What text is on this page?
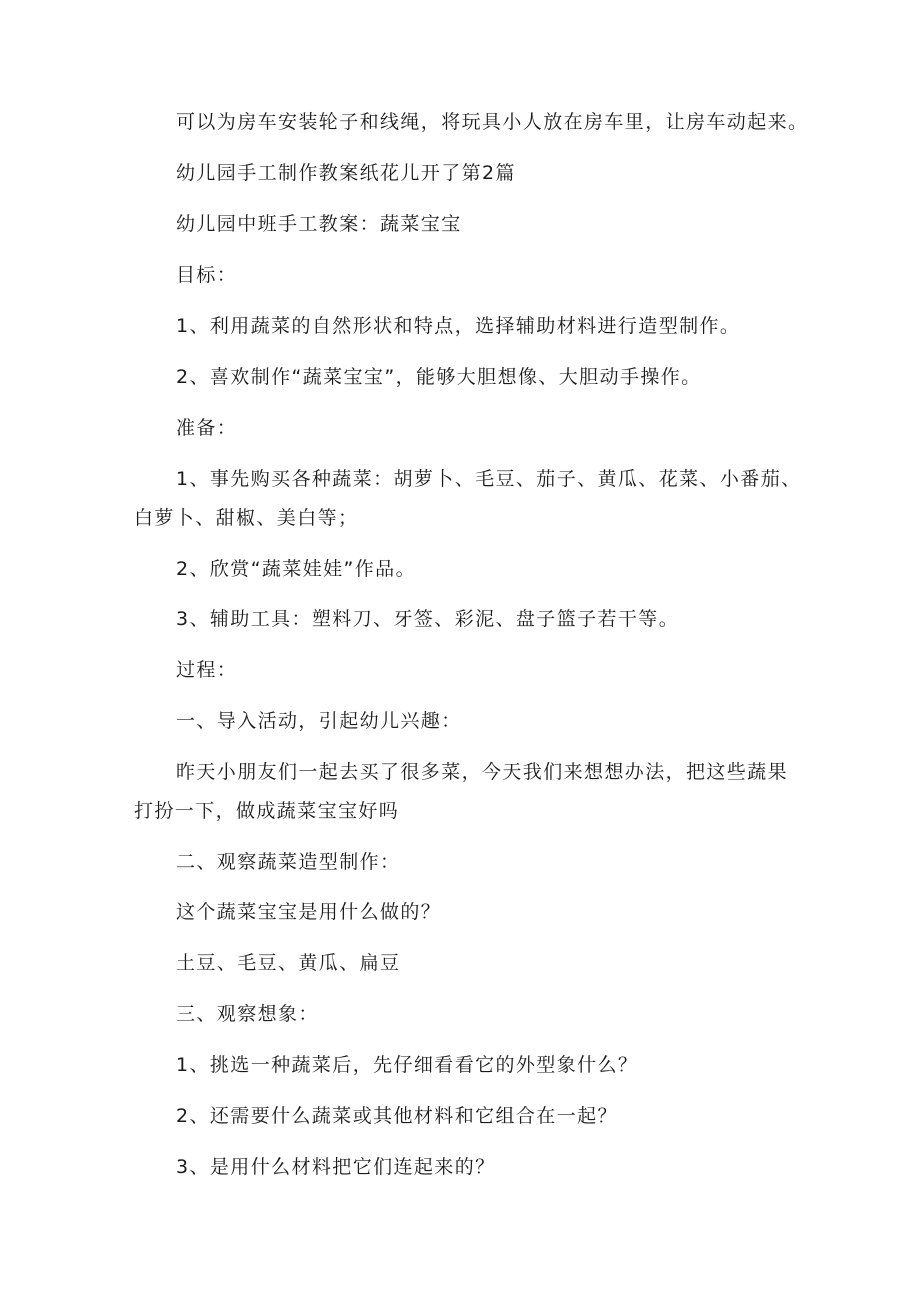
可以为房车安装轮子和线绳，将玩具小人放在房车里，让房车动起来。
幼儿园手工制作教案纸花儿开了第2篇
幼儿园中班手工教案：蔬菜宝宝
目标：
1、利用蔬菜的自然形状和特点，选择辅助材料进行造型制作。
2、喜欢制作“蔬菜宝宝”，能够大胆想像、大胆动手操作。
准备：
1、事先购买各种蔬菜：胡萝卜、毛豆、茄子、黄瓜、花菜、小番茄、
白萝卜、甜椒、美白等；
2、欣赏“蔬菜娃娃”作品。
3、辅助工具：塑料刀、牙签、彩泥、盘子篮子若干等。
过程：
一、导入活动，引起幼儿兴趣：
昨天小朋友们一起去买了很多菜，今天我们来想想办法，把这些蔬果
打扮一下，做成蔬菜宝宝好吗
二、观察蔬菜造型制作：
这个蔬菜宝宝是用什么做的？
土豆、毛豆、黄瓜、扁豆
三、观察想象：
1、挑选一种蔬菜后，先仔细看看它的外型象什么？
2、还需要什么蔬菜或其他材料和它组合在一起？
3、是用什么材料把它们连起来的？
